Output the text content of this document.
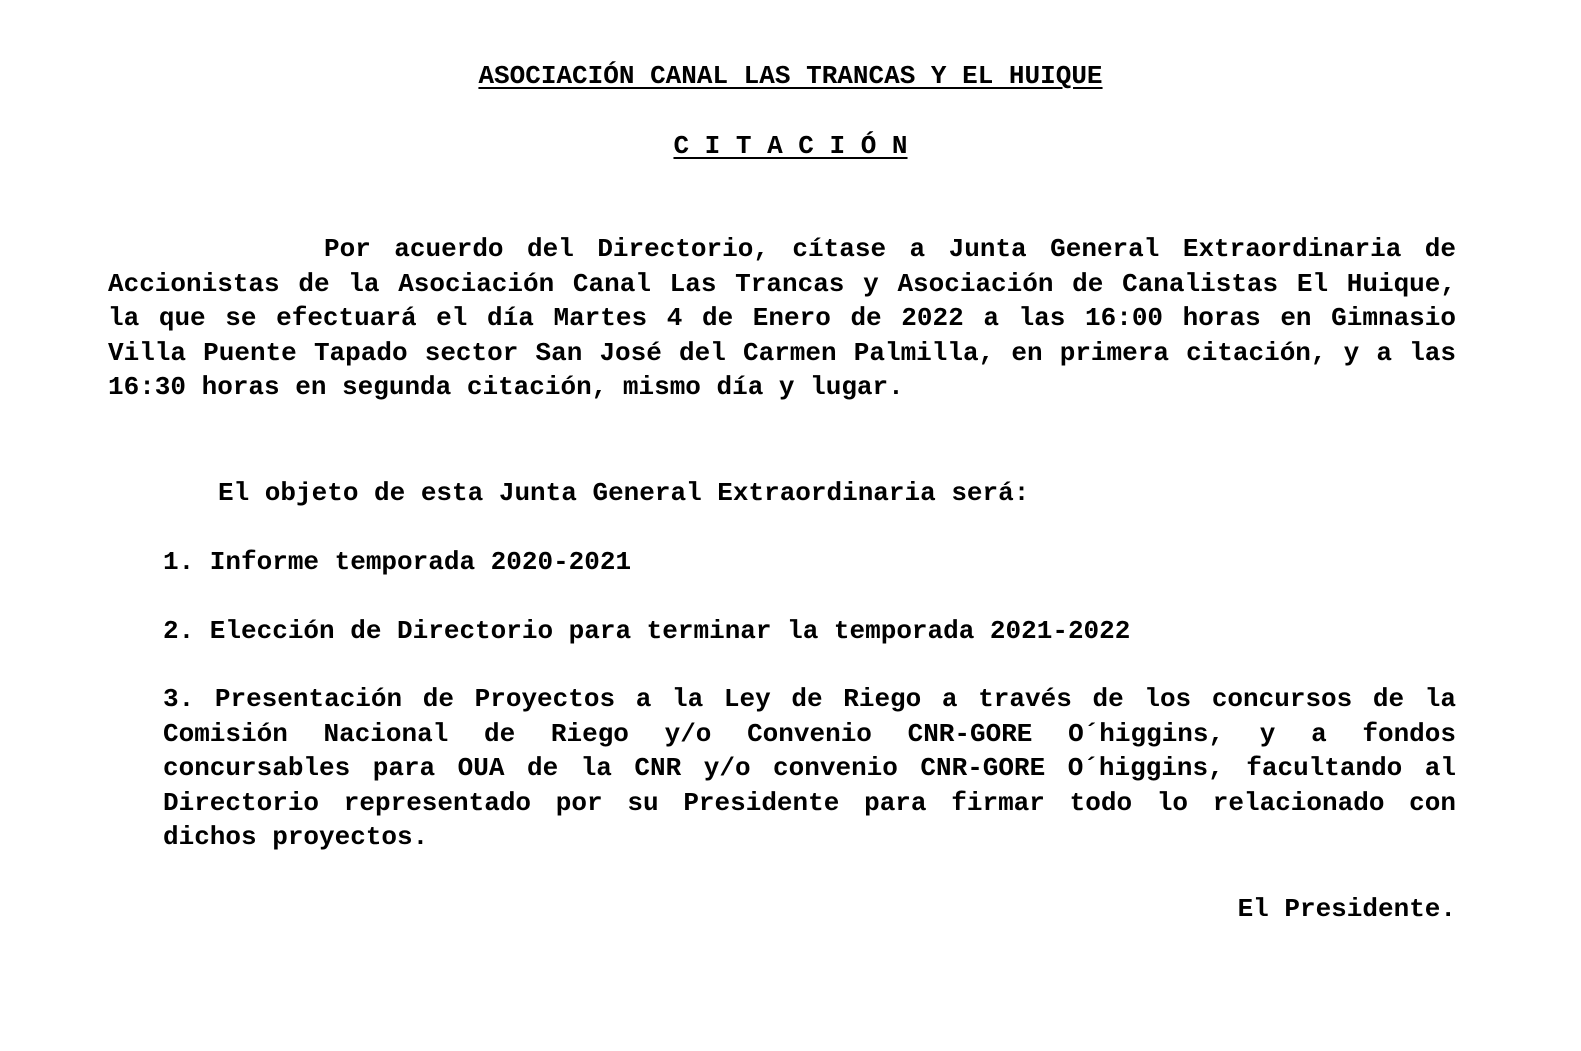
ASOCIACIÓN CANAL LAS TRANCAS Y EL HUIQUE
C I T A C I Ó N
Por acuerdo del Directorio, cítase a Junta General Extraordinaria de Accionistas de la Asociación Canal Las Trancas y Asociación de Canalistas El Huique, la que se efectuará el día Martes 4 de Enero de 2022 a las 16:00 horas en Gimnasio Villa Puente Tapado sector San José del Carmen Palmilla, en primera citación, y a las 16:30 horas en segunda citación, mismo día y lugar.
El objeto de esta Junta General Extraordinaria será:
1. Informe temporada 2020-2021
2. Elección de Directorio para terminar la temporada 2021-2022
3. Presentación de Proyectos a la Ley de Riego a través de los concursos de la Comisión Nacional de Riego y/o Convenio CNR-GORE O´higgins, y a fondos concursables para OUA de la CNR y/o convenio CNR-GORE O´higgins, facultando al Directorio representado por su Presidente para firmar todo lo relacionado con dichos proyectos.
El Presidente.
